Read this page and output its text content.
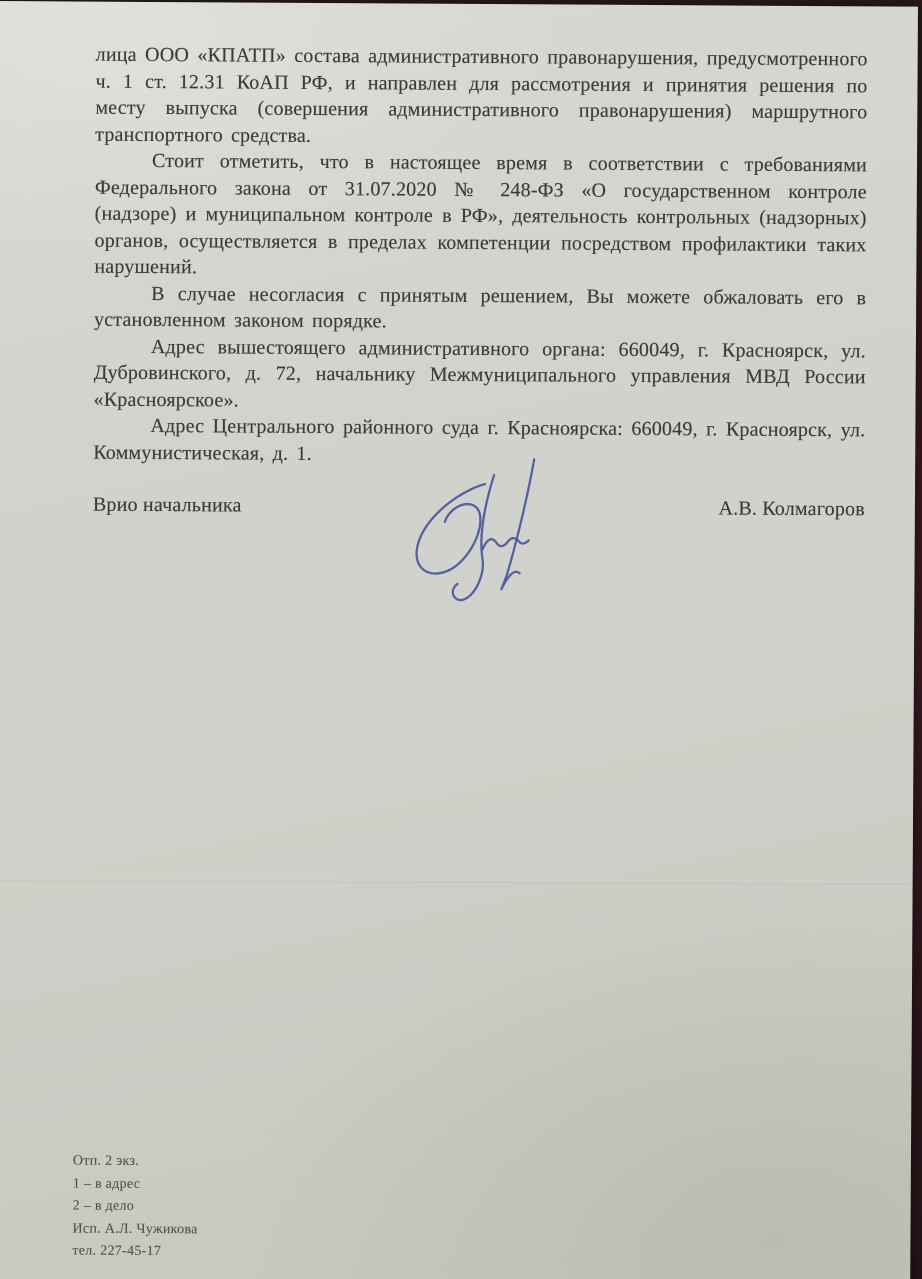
лица ООО «КПАТП» состава административного правонарушения, предусмотренного ч. 1 ст. 12.31 КоАП РФ, и направлен для рассмотрения и принятия решения по месту выпуска (совершения административного правонарушения) маршрутного транспортного средства.

Стоит отметить, что в настоящее время в соответствии с требованиями Федерального закона от 31.07.2020 № 248-ФЗ «О государственном контроле (надзоре) и муниципальном контроле в РФ», деятельность контрольных (надзорных) органов, осуществляется в пределах компетенции посредством профилактики таких нарушений.

В случае несогласия с принятым решением, Вы можете обжаловать его в установленном законом порядке.

Адрес вышестоящего административного органа: 660049, г. Красноярск, ул. Дубровинского, д. 72, начальнику Межмуниципального управления МВД России «Красноярское».

Адрес Центрального районного суда г. Красноярска: 660049, г. Красноярск, ул. Коммунистическая, д. 1.

Врио начальника	А.В. Колмагоров
Отп. 2 экз.
1 – в адрес
2 – в дело
Исп. А.Л. Чужикова
тел. 227-45-17
